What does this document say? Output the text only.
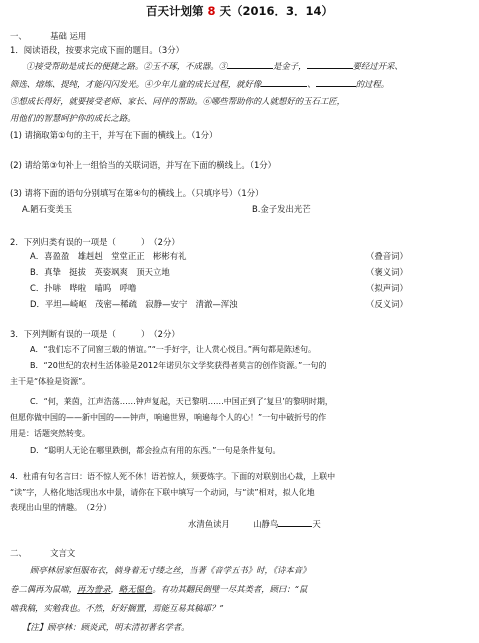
百天计划第 8 天（2016．3．14）
一、	基础 运用
1．阅读语段，按要求完成下面的题目。（3分）
①接受帮助是成长的便捷之路。②玉不琢，不成器。③	是金子，	要经过开采、
筛选、熔炼、提纯，才能闪闪发光。④少年儿童的成长过程，就好像	、	的过程。
⑤想成长得好，就要接受老师、家长、同伴的帮助。⑥哪些帮助你的人就想好的玉石工匠，
用他们的智慧呵护你的成长之路。
(1) 请摘取第①句的主干，并写在下面的横线上。（1分）
(2) 请给第③句补上一组恰当的关联词语，并写在下面的横线上。（1分）
(3) 请将下面的语句分别填写在第④句的横线上。（只填序号）（1分）
A.陋石变美玉	B.金子发出光芒
2．下列归类有误的一项是（　　　）　（2分）
A．喜盈盈　雄赳赳　堂堂正正　彬彬有礼	（叠音词）
B．真挚　挺拔　英姿飒爽　顶天立地	（褒义词）
C．扑哧　哗啦　喵呜　呼噜	（拟声词）
D．平坦—崎岖　茂密—稀疏　寂静—安宁　清澈—浑浊	（反义词）
3．下列判断有误的一项是（　　　）　（2分）
A．“我们忘不了同窗三载的情谊。”“一手好字，让人赏心悦目。”两句都是陈述句。
B．“20世纪的农村生活体验是2012年诺贝尔文学奖获得者莫言的创作资源。”一句的
主干是“体验是资源”。
C．“何，莱茵，江声浩荡……钟声复起，天已黎明……中国正到了‘复旦’的黎明时期，
但愿你做中国的——新中国的——钟声，响遍世界，响遍每个人的心！”一句中破折号的作
用是：话题突然转变。
D．“聪明人无论在哪里跌倒，都会捡点有用的东西。”一句是条件复句。
4．杜甫有句名言曰：语不惊人死不休！语若惊人，须要炼字。下面的对联别出心裁，上联中
“读”字，人格化地活现出水中景，请你在下联中填写一个动词，与“读”相对，拟人化地
表现出山里的情趣。　（2分）
水清鱼读月	山静鸟	天
二、	文言文
顾亭林居家恒服布衣，倘身着无寸缕之丝，当著《音学五书》时，《诗本音》
卷二偶再为鼠啮，再为誊录，略无愠色。有功其翻民倒璧一尽其类者，顾曰：“鼠
啮我稿，实勉我也。不然，好好搁置，焉能互易其稿耶？”
【注】顾亭林：顾炎武，明末清初著名学者。
